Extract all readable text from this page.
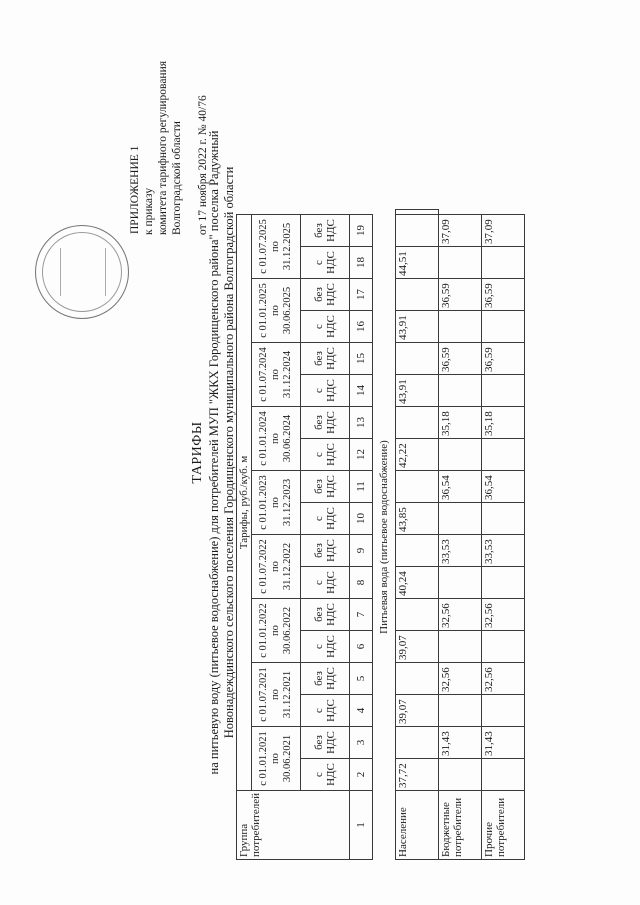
ПРИЛОЖЕНИЕ 1 к приказу комитета тарифного регулирования Волгоградской области от 17 ноября 2022 г. № 40/76
ТАРИФЫ на питьевую воду (питьевое водоснабжение) для потребителей МУП "ЖКХ Городищенского района" поселка Радужный Новонадеждинского сельского поселения Городищенского муниципального района Волгоградской области
Группа потребителей	Тарифы, руб./куб. м																		
	с 01.01.2021 по 30.06.2021		с 01.07.2021 по 31.12.2021		с 01.01.2022 по 30.06.2022		с 01.07.2022 по 31.12.2022		с 01.01.2023 по 31.12.2023		с 01.01.2024 по 30.06.2024		с 01.07.2024 по 31.12.2024		с 01.01.2025 по 30.06.2025		с 01.07.2025 по 31.12.2025		
	с НДС	без НДС	с НДС	без НДС	с НДС	без НДС	с НДС	без НДС	с НДС	без НДС	с НДС	без НДС	с НДС	без НДС	с НДС	без НДС	с НДС	без НДС	
1	2	3	4	5	6	7	8	9	10	11	12	13	14	15	16	17	18	19	
Питьевая вода (питьевое водоснабжение)																			
Население	37,72		39,07		39,07		40,24		43,85		42,22		43,91		43,91		44,51		
Бюджетные потребители		31,43		32,56		32,56		33,53		36,54		35,18		36,59		36,59		37,09	
Прочие потребители		31,43		32,56		32,56		33,53		36,54		35,18		36,59		36,59		37,09	
